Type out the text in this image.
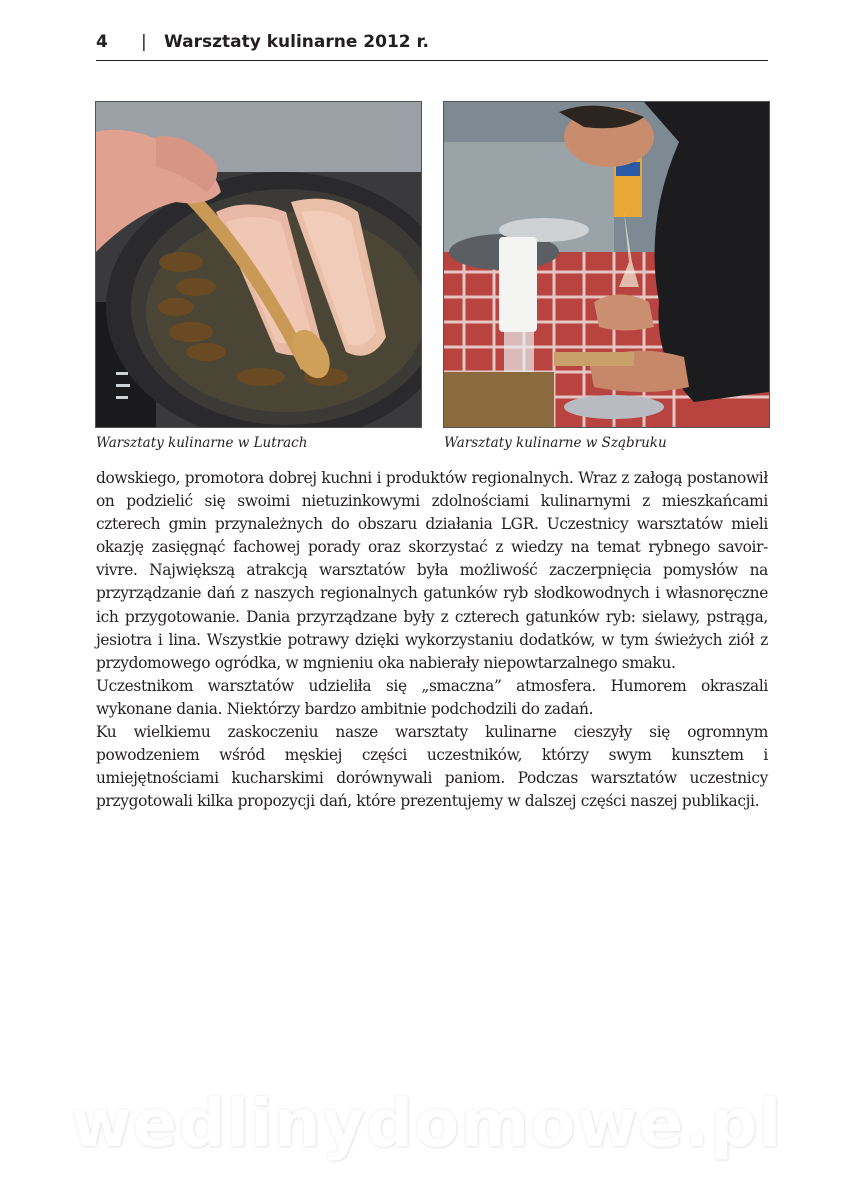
4 | Warsztaty kulinarne 2012 r.
Warsztaty kulinarne w Lutrach	Warsztaty kulinarne w Sząbruku

dowskiego, promotora dobrej kuchni i produktów regionalnych. Wraz z załogą postanowił on podzielić się swoimi nietuzinkowymi zdolnościami kulinarnymi z mieszkańcami czterech gmin przynależnych do obszaru działania LGR. Uczestnicy warsztatów mieli okazję zasięgnąć fachowej porady oraz skorzystać z wiedzy na temat rybnego savoir-vivre. Największą atrakcją warsztatów była możliwość zaczerpnięcia pomysłów na przyrządzanie dań z naszych regionalnych gatunków ryb słodkowodnych i własnoręczne ich przygotowanie. Dania przyrządzane były z czterech gatunków ryb: sielawy, pstrąga, jesiotra i lina. Wszystkie potrawy dzięki wykorzystaniu dodatków, w tym świeżych ziół z przydomowego ogródka, w mgnieniu oka nabierały niepowtarzalnego smaku.

Uczestnikom warsztatów udzieliła się „smaczna” atmosfera. Humorem okraszali wykonane dania. Niektórzy bardzo ambitnie podchodzili do zadań.

Ku wielkiemu zaskoczeniu nasze warsztaty kulinarne cieszyły się ogromnym powodzeniem wśród męskiej części uczestników, którzy swym kunsztem i umiejętnościami kucharskimi dorównywali paniom. Podczas warsztatów uczestnicy przygotowali kilka propozycji dań, które prezentujemy w dalszej części naszej publikacji.

wedlinydomowe.pl
